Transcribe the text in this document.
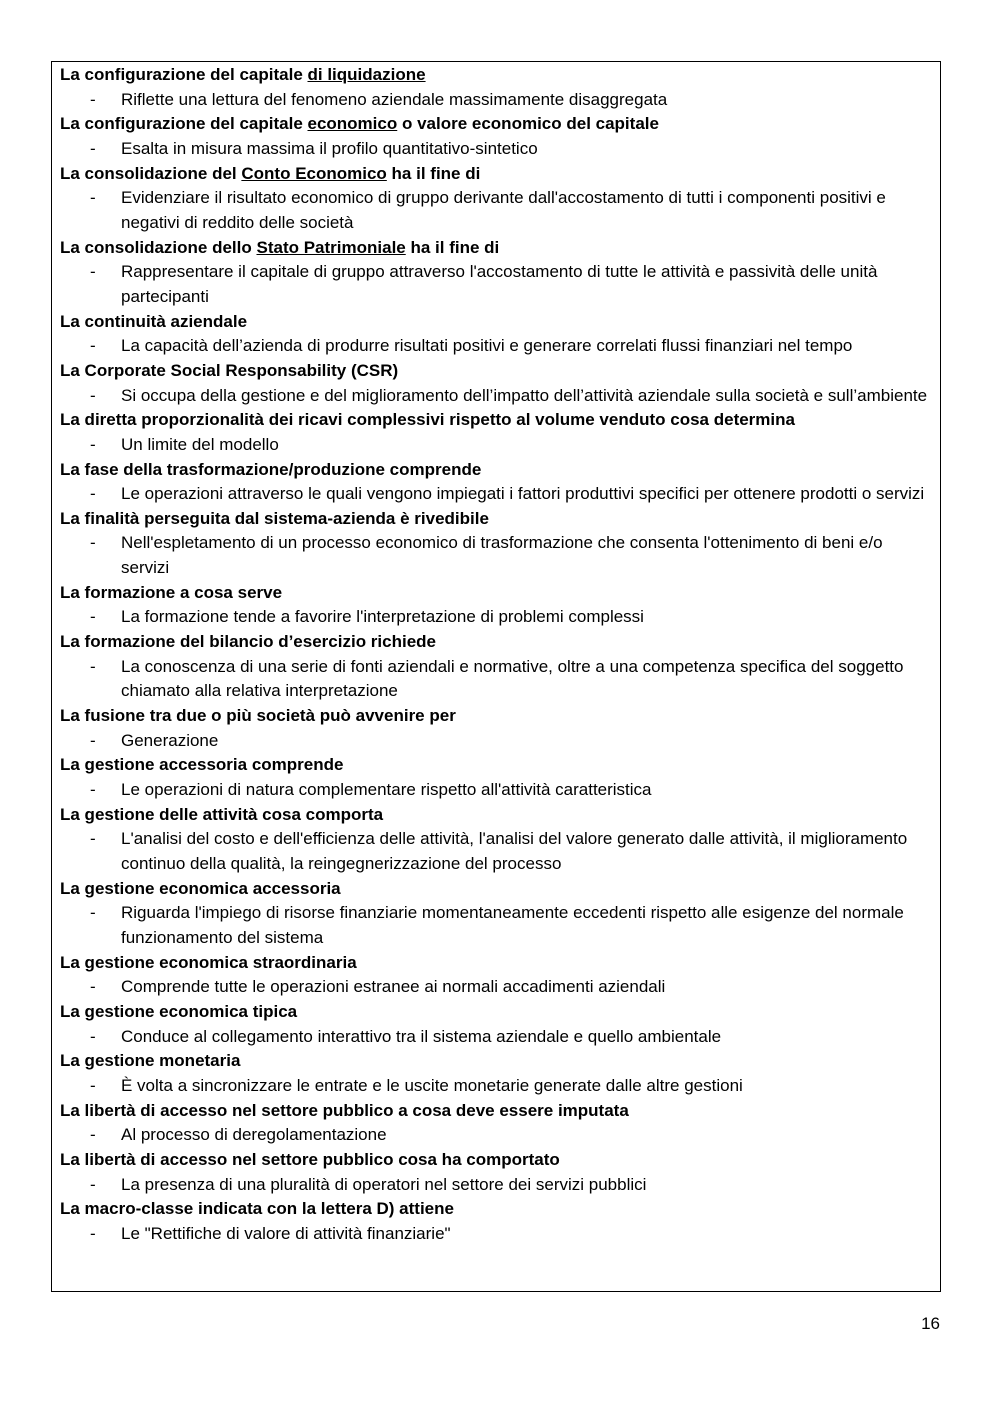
La configurazione del capitale di liquidazione
- Riflette una lettura del fenomeno aziendale massimamente disaggregata
La configurazione del capitale economico o valore economico del capitale
- Esalta in misura massima il profilo quantitativo-sintetico
La consolidazione del Conto Economico ha il fine di
- Evidenziare il risultato economico di gruppo derivante dall'accostamento di tutti i componenti positivi e negativi di reddito delle società
La consolidazione dello Stato Patrimoniale ha il fine di
- Rappresentare il capitale di gruppo attraverso l'accostamento di tutte le attività e passività delle unità partecipanti
La continuità aziendale
- La capacità dell’azienda di produrre risultati positivi e generare correlati flussi finanziari nel tempo
La Corporate Social Responsability (CSR)
- Si occupa della gestione e del miglioramento dell’impatto dell’attività aziendale sulla società e sull’ambiente
La diretta proporzionalità dei ricavi complessivi rispetto al volume venduto cosa determina
- Un limite del modello
La fase della trasformazione/produzione comprende
- Le operazioni attraverso le quali vengono impiegati i fattori produttivi specifici per ottenere prodotti o servizi
La finalità perseguita dal sistema-azienda è rivedibile
- Nell'espletamento di un processo economico di trasformazione che consenta l'ottenimento di beni e/o servizi
La formazione a cosa serve
- La formazione tende a favorire l'interpretazione di problemi complessi
La formazione del bilancio d’esercizio richiede
- La conoscenza di una serie di fonti aziendali e normative, oltre a una competenza specifica del soggetto chiamato alla relativa interpretazione
La fusione tra due o più società può avvenire per
- Generazione
La gestione accessoria comprende
- Le operazioni di natura complementare rispetto all'attività caratteristica
La gestione delle attività cosa comporta
- L'analisi del costo e dell'efficienza delle attività, l'analisi del valore generato dalle attività, il miglioramento continuo della qualità, la reingegnerizzazione del processo
La gestione economica accessoria
- Riguarda l'impiego di risorse finanziarie momentaneamente eccedenti rispetto alle esigenze del normale funzionamento del sistema
La gestione economica straordinaria
- Comprende tutte le operazioni estranee ai normali accadimenti aziendali
La gestione economica tipica
- Conduce al collegamento interattivo tra il sistema aziendale e quello ambientale
La gestione monetaria
- È volta a sincronizzare le entrate e le uscite monetarie generate dalle altre gestioni
La libertà di accesso nel settore pubblico a cosa deve essere imputata
- Al processo di deregolamentazione
La libertà di accesso nel settore pubblico cosa ha comportato
- La presenza di una pluralità di operatori nel settore dei servizi pubblici
La macro-classe indicata con la lettera D) attiene
- Le "Rettifiche di valore di attività finanziarie"
16
